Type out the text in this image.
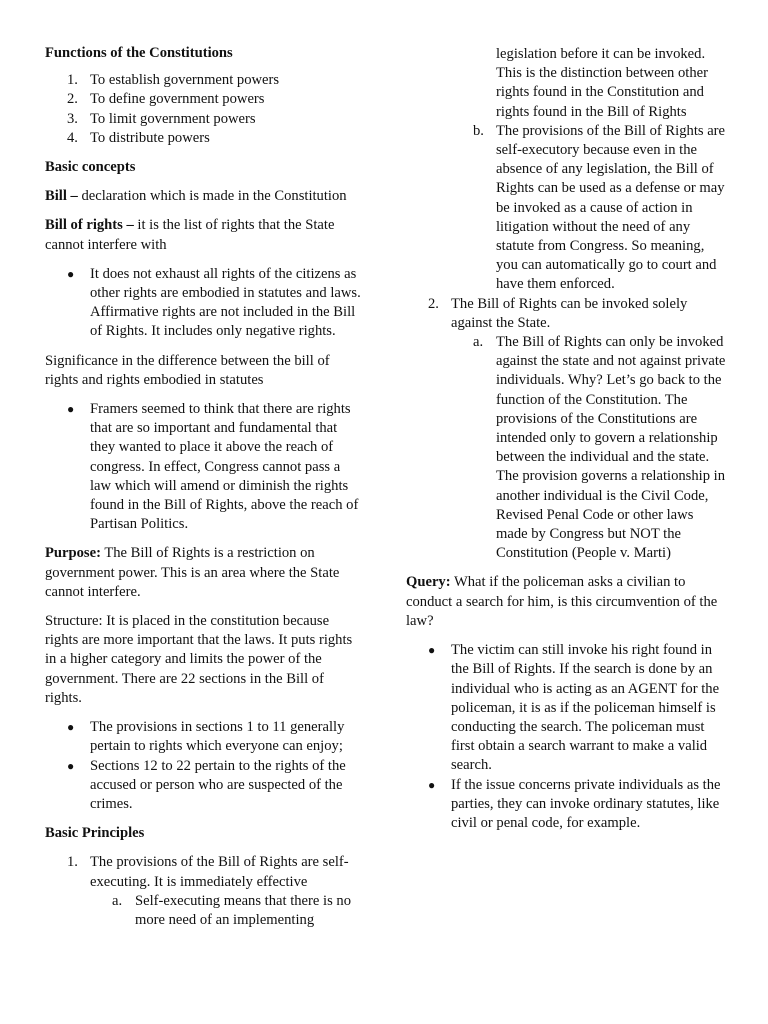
Functions of the Constitutions

1. To establish government powers
2. To define government powers
3. To limit government powers
4. To distribute powers

Basic concepts

Bill – declaration which is made in the Constitution

Bill of rights – it is the list of rights that the State cannot interfere with

● It does not exhaust all rights of the citizens as other rights are embodied in statutes and laws. Affirmative rights are not included in the Bill of Rights. It includes only negative rights.

Significance in the difference between the bill of rights and rights embodied in statutes

● Framers seemed to think that there are rights that are so important and fundamental that they wanted to place it above the reach of congress. In effect, Congress cannot pass a law which will amend or diminish the rights found in the Bill of Rights, above the reach of Partisan Politics.

Purpose: The Bill of Rights is a restriction on government power. This is an area where the State cannot interfere.

Structure: It is placed in the constitution because rights are more important that the laws. It puts rights in a higher category and limits the power of the government. There are 22 sections in the Bill of rights.

● The provisions in sections 1 to 11 generally pertain to rights which everyone can enjoy;
● Sections 12 to 22 pertain to the rights of the accused or person who are suspected of the crimes.

Basic Principles

1. The provisions of the Bill of Rights are self-executing. It is immediately effective
a. Self-executing means that there is no more need of an implementing
legislation before it can be invoked. This is the distinction between other rights found in the Constitution and rights found in the Bill of Rights
b. The provisions of the Bill of Rights are self-executory because even in the absence of any legislation, the Bill of Rights can be used as a defense or may be invoked as a cause of action in litigation without the need of any statute from Congress. So meaning, you can automatically go to court and have them enforced.
2. The Bill of Rights can be invoked solely against the State.
a. The Bill of Rights can only be invoked against the state and not against private individuals. Why? Let’s go back to the function of the Constitution. The provisions of the Constitutions are intended only to govern a relationship between the individual and the state. The provision governs a relationship in another individual is the Civil Code, Revised Penal Code or other laws made by Congress but NOT the Constitution (People v. Marti)

Query: What if the policeman asks a civilian to conduct a search for him, is this circumvention of the law?

● The victim can still invoke his right found in the Bill of Rights. If the search is done by an individual who is acting as an AGENT for the policeman, it is as if the policeman himself is conducting the search. The policeman must first obtain a search warrant to make a valid search.
● If the issue concerns private individuals as the parties, they can invoke ordinary statutes, like civil or penal code, for example.
